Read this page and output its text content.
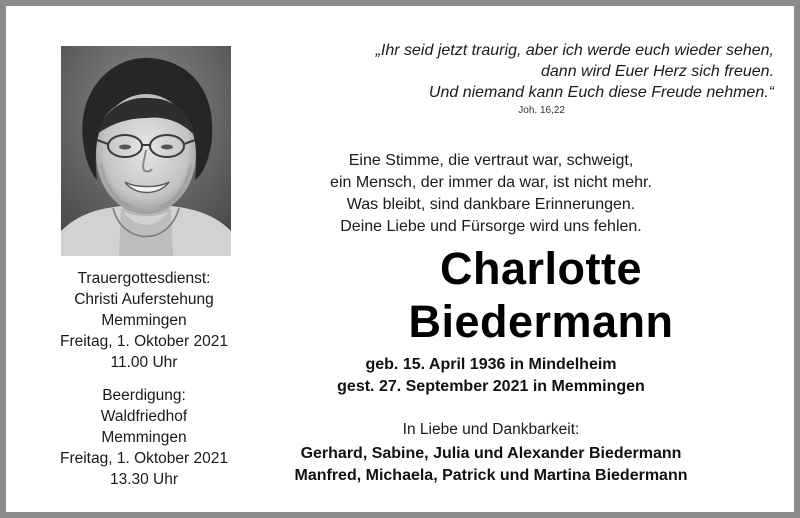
Trauergottesdienst:
Christi Auferstehung
Memmingen
Freitag, 1. Oktober 2021
11.00 Uhr
Beerdigung:
Waldfriedhof
Memmingen
Freitag, 1. Oktober 2021
13.30 Uhr
„Ihr seid jetzt traurig, aber ich werde euch wieder sehen,
dann wird Euer Herz sich freuen.
Und niemand kann Euch diese Freude nehmen.“
Joh. 16,22
Eine Stimme, die vertraut war, schweigt,
ein Mensch, der immer da war, ist nicht mehr.
Was bleibt, sind dankbare Erinnerungen.
Deine Liebe und Fürsorge wird uns fehlen.
Charlotte
Biedermann
geb. 15. April 1936 in Mindelheim
gest. 27. September 2021 in Memmingen
In Liebe und Dankbarkeit:
Gerhard, Sabine, Julia und Alexander Biedermann
Manfred, Michaela, Patrick und Martina Biedermann
